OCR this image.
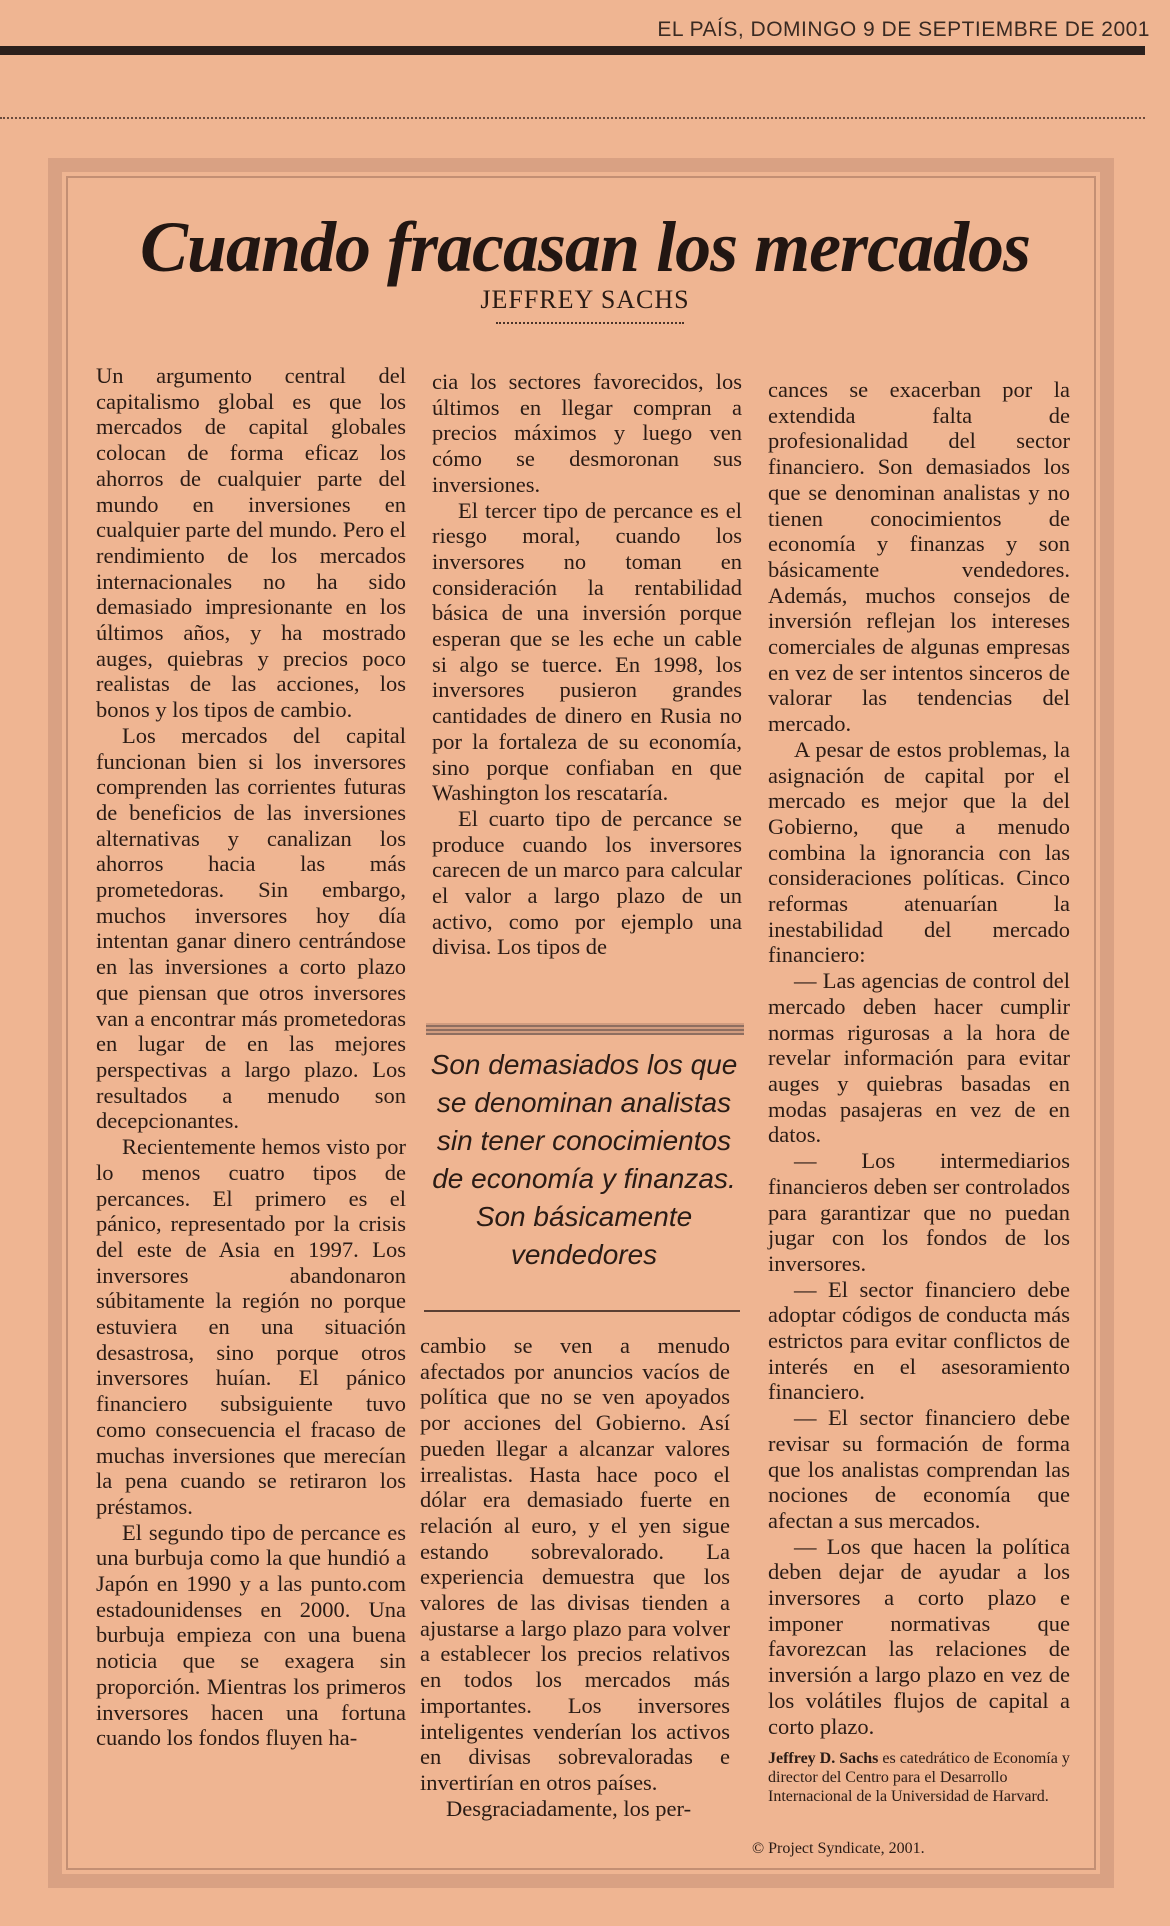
EL PAÍS, DOMINGO 9 DE SEPTIEMBRE DE 2001
Cuando fracasan los mercados
JEFFREY SACHS

Un argumento central del capitalismo global es que los mercados de capital globales colocan de forma eficaz los ahorros de cualquier parte del mundo en inversiones en cualquier parte del mundo. Pero el rendimiento de los mercados internacionales no ha sido demasiado impresionante en los últimos años, y ha mostrado auges, quiebras y precios poco realistas de las acciones, los bonos y los tipos de cambio.

Los mercados del capital funcionan bien si los inversores comprenden las corrientes futuras de beneficios de las inversiones alternativas y canalizan los ahorros hacia las más prometedoras. Sin embargo, muchos inversores hoy día intentan ganar dinero centrándose en las inversiones a corto plazo que piensan que otros inversores van a encontrar más prometedoras en lugar de en las mejores perspectivas a largo plazo. Los resultados a menudo son decepcionantes.

Recientemente hemos visto por lo menos cuatro tipos de percances. El primero es el pánico, representado por la crisis del este de Asia en 1997. Los inversores abandonaron súbitamente la región no porque estuviera en una situación desastrosa, sino porque otros inversores huían. El pánico financiero subsiguiente tuvo como consecuencia el fracaso de muchas inversiones que merecían la pena cuando se retiraron los préstamos.

El segundo tipo de percance es una burbuja como la que hundió a Japón en 1990 y a las punto.com estadounidenses en 2000. Una burbuja empieza con una buena noticia que se exagera sin proporción. Mientras los primeros inversores hacen una fortuna cuando los fondos fluyen ha-

cia los sectores favorecidos, los últimos en llegar compran a precios máximos y luego ven cómo se desmoronan sus inversiones.

El tercer tipo de percance es el riesgo moral, cuando los inversores no toman en consideración la rentabilidad básica de una inversión porque esperan que se les eche un cable si algo se tuerce. En 1998, los inversores pusieron grandes cantidades de dinero en Rusia no por la fortaleza de su economía, sino porque confiaban en que Washington los rescataría.

El cuarto tipo de percance se produce cuando los inversores carecen de un marco para calcular el valor a largo plazo de un activo, como por ejemplo una divisa. Los tipos de

Son demasiados los que se denominan analistas sin tener conocimientos de economía y finanzas. Son básicamente vendedores

cambio se ven a menudo afectados por anuncios vacíos de política que no se ven apoyados por acciones del Gobierno. Así pueden llegar a alcanzar valores irrealistas. Hasta hace poco el dólar era demasiado fuerte en relación al euro, y el yen sigue estando sobrevalorado. La experiencia demuestra que los valores de las divisas tienden a ajustarse a largo plazo para volver a establecer los precios relativos en todos los mercados más importantes. Los inversores inteligentes venderían los activos en divisas sobrevaloradas e invertirían en otros países.

Desgraciadamente, los per-

cances se exacerban por la extendida falta de profesionalidad del sector financiero. Son demasiados los que se denominan analistas y no tienen conocimientos de economía y finanzas y son básicamente vendedores. Además, muchos consejos de inversión reflejan los intereses comerciales de algunas empresas en vez de ser intentos sinceros de valorar las tendencias del mercado.

A pesar de estos problemas, la asignación de capital por el mercado es mejor que la del Gobierno, que a menudo combina la ignorancia con las consideraciones políticas. Cinco reformas atenuarían la inestabilidad del mercado financiero:

— Las agencias de control del mercado deben hacer cumplir normas rigurosas a la hora de revelar información para evitar auges y quiebras basadas en modas pasajeras en vez de en datos.

— Los intermediarios financieros deben ser controlados para garantizar que no puedan jugar con los fondos de los inversores.

— El sector financiero debe adoptar códigos de conducta más estrictos para evitar conflictos de interés en el asesoramiento financiero.

— El sector financiero debe revisar su formación de forma que los analistas comprendan las nociones de economía que afectan a sus mercados.

— Los que hacen la política deben dejar de ayudar a los inversores a corto plazo e imponer normativas que favorezcan las relaciones de inversión a largo plazo en vez de los volátiles flujos de capital a corto plazo.

Jeffrey D. Sachs es catedrático de Economía y director del Centro para el Desarrollo Internacional de la Universidad de Harvard.

© Project Syndicate, 2001.
